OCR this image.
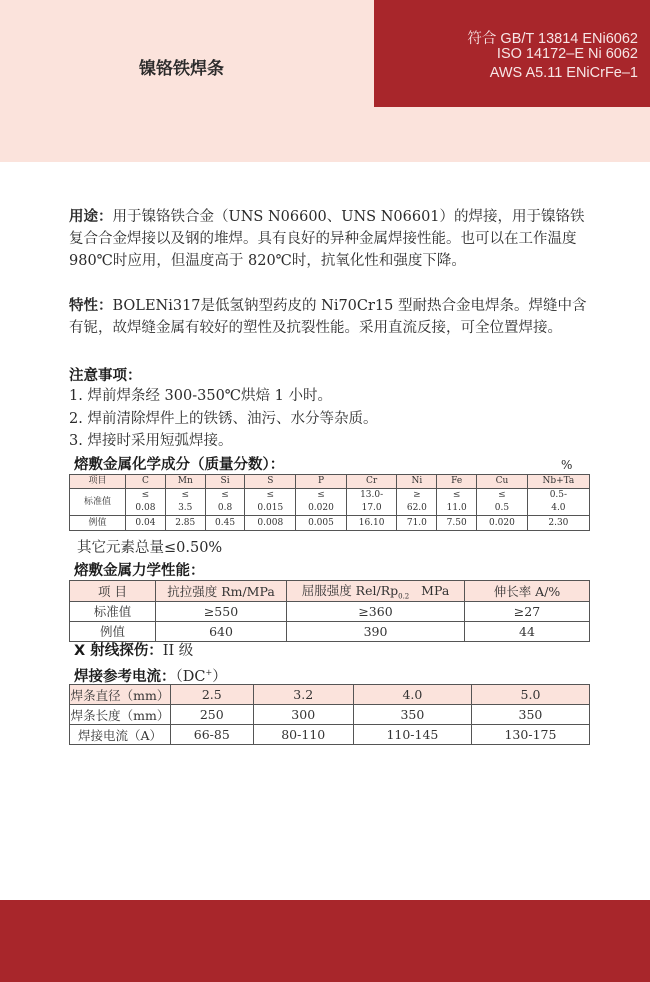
镍铬铁焊条
符合 GB/T 13814 ENi6062
ISO 14172–E Ni 6062
AWS A5.11 ENiCrFe–1
用途：用于镍铬铁合金（UNS N06600、UNS N06601）的焊接，用于镍铬铁复合合金焊接以及钢的堆焊。具有良好的异种金属焊接性能。也可以在工作温度 980℃时应用，但温度高于 820℃时，抗氧化性和强度下降。
特性：BOLENi317是低氢钠型药皮的 Ni70Cr15 型耐热合金电焊条。焊缝中含有铌，故焊缝金属有较好的塑性及抗裂性能。采用直流反接，可全位置焊接。
注意事项：
1. 焊前焊条经 300-350℃烘焙 1 小时。
2. 焊前清除焊件上的铁锈、油污、水分等杂质。
3. 焊接时采用短弧焊接。
熔敷金属化学成分（质量分数）：	%
项目	C	Mn	Si	S	P	Cr	Ni	Fe	Cu	Nb+Ta
标准值	≤	≤	≤	≤	≤	13.0-	≥	≤	≤	0.5-
	0.08	3.5	0.8	0.015	0.020	17.0	62.0	11.0	0.5	4.0
例值	0.04	2.85	0.45	0.008	0.005	16.10	71.0	7.50	0.020	2.30
其它元素总量≤0.50%
熔敷金属力学性能：
项 目	抗拉强度 Rm/MPa	屈服强度 Rel/$Rp_{0.2}$ MPa	伸长率 A/%
标准值	≥550	≥360	≥27
例值	640	390	44
X 射线探伤：II 级
焊接参考电流：（DC+）
焊条直径（mm）	2.5	3.2	4.0	5.0
焊条长度（mm）	250	300	350	350
焊接电流（A）	66-85	80-110	110-145	130-175
